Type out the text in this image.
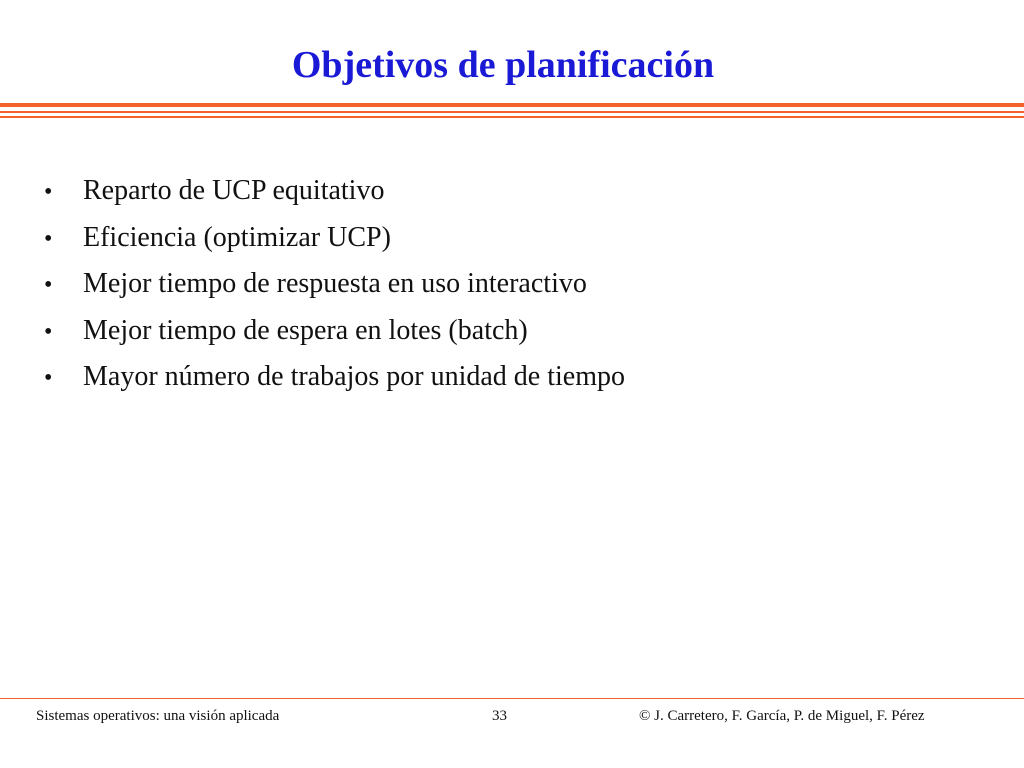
Objetivos de planificación
•	Reparto de UCP equitativo
•	Eficiencia (optimizar UCP)
•	Mejor tiempo de respuesta en uso interactivo
•	Mejor tiempo de espera en lotes (batch)
•	Mayor número de trabajos por unidad de tiempo
Sistemas operativos: una visión aplicada	33	© J. Carretero, F. García, P. de Miguel, F. Pérez
